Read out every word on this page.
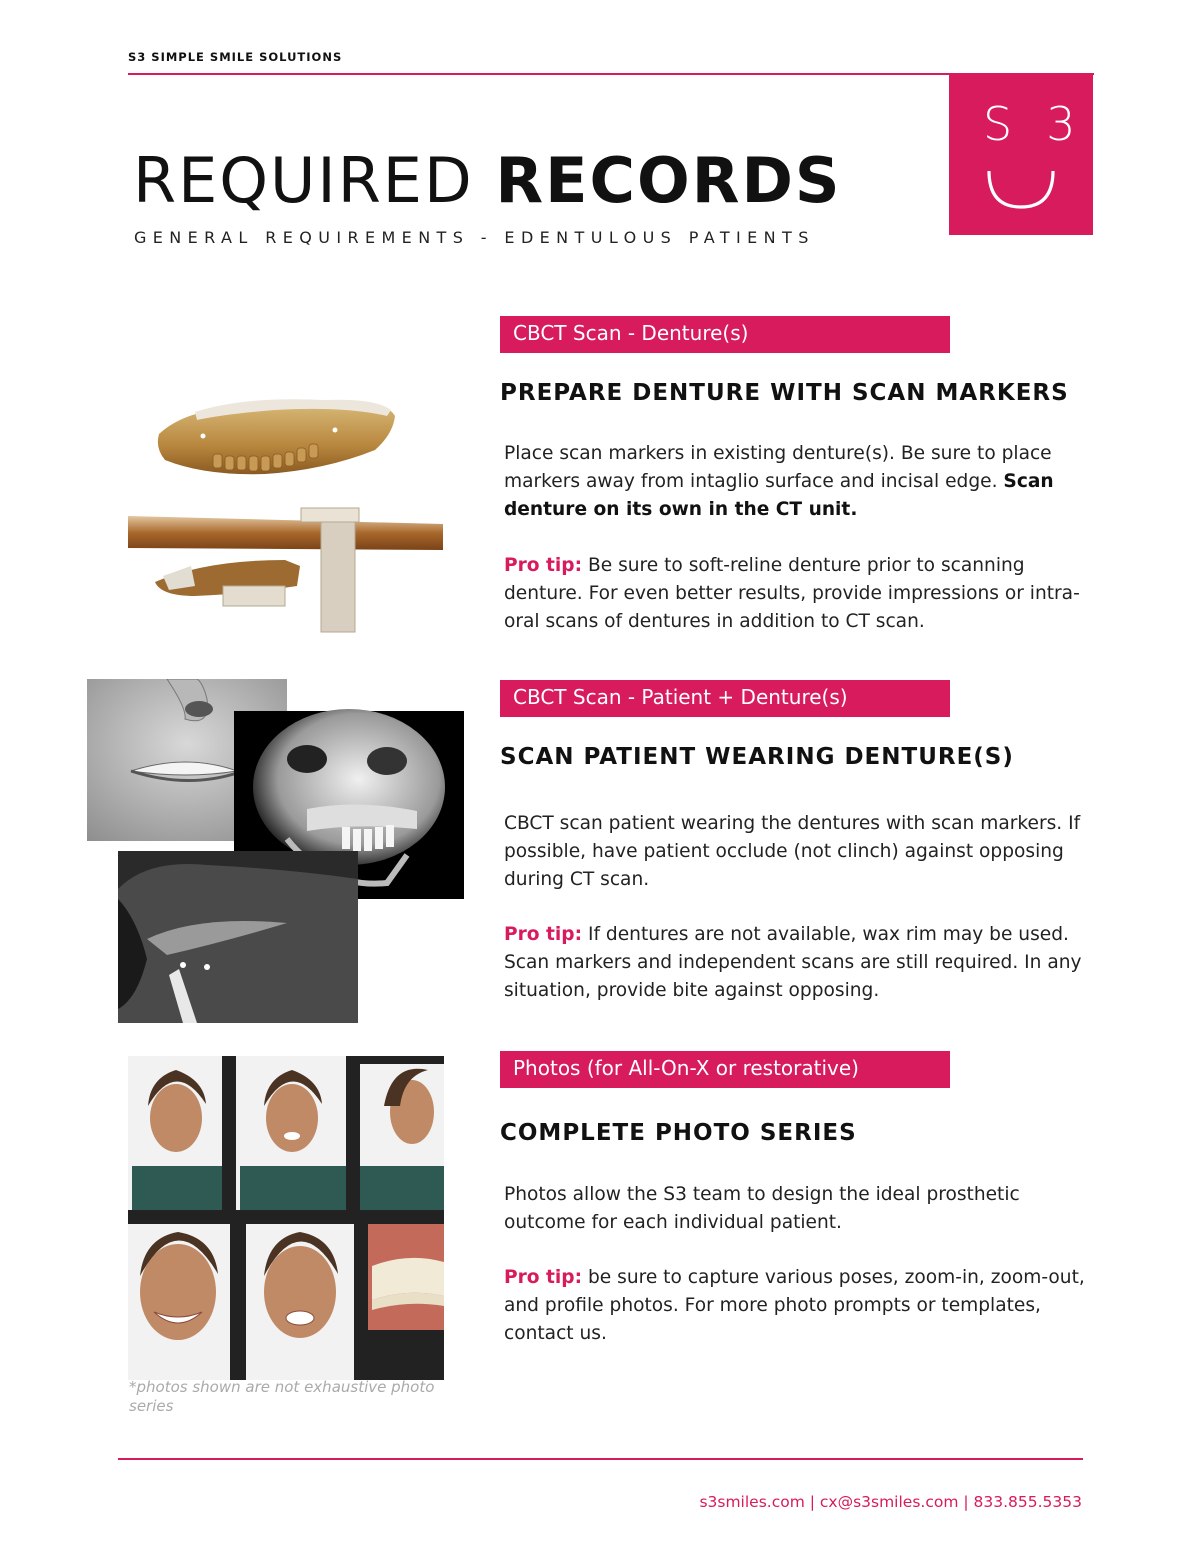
S3 SIMPLE SMILE SOLUTIONS
S3
REQUIRED RECORDS
GENERAL REQUIREMENTS - EDENTULOUS PATIENTS
CBCT Scan - Denture(s)
PREPARE DENTURE WITH SCAN MARKERS
Place scan markers in existing denture(s). Be sure to place markers away from intaglio surface and incisal edge. Scan denture on its own in the CT unit.
Pro tip: Be sure to soft-reline denture prior to scanning denture. For even better results, provide impressions or intra-oral scans of dentures in addition to CT scan.
CBCT Scan - Patient + Denture(s)
SCAN PATIENT WEARING DENTURE(S)
CBCT scan patient wearing the dentures with scan markers. If possible, have patient occlude (not clinch) against opposing during CT scan.
Pro tip: If dentures are not available, wax rim may be used. Scan markers and independent scans are still required. In any situation, provide bite against opposing.
*photos shown are not exhaustive photo series
Photos (for All-On-X or restorative)
COMPLETE PHOTO SERIES
Photos allow the S3 team to design the ideal prosthetic outcome for each individual patient.
Pro tip: be sure to capture various poses, zoom-in, zoom-out, and profile photos. For more photo prompts or templates, contact us.
s3smiles.com | cx@s3smiles.com | 833.855.5353
